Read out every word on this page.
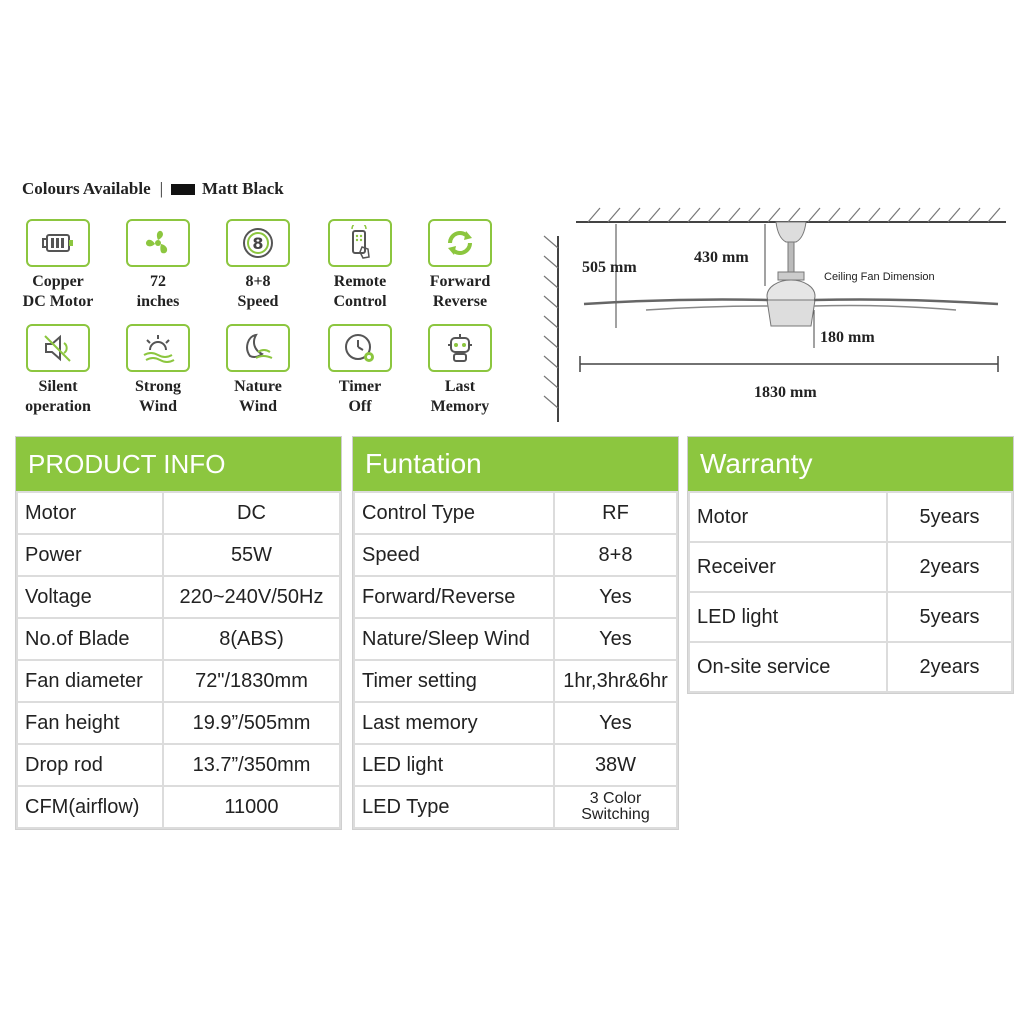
Colours Available | Matt Black
Copper
DC Motor
72
inches
8
8+8
Speed
Remote
Control
Forward
Reverse
Silent
operation
Strong
Wind
Nature
Wind
Timer
Off
Last
Memory
505 mm
430 mm
Ceiling Fan Dimension
180 mm
1830 mm
PRODUCT INFO
Motor	DC
Power	55W
Voltage	220~240V/50Hz
No.of Blade	8(ABS)
Fan diameter	72"/1830mm
Fan height	19.9”/505mm
Drop rod	13.7”/350mm
CFM(airflow)	11000
Funtation
Control Type	RF
Speed	8+8
Forward/Reverse	Yes
Nature/Sleep Wind	Yes
Timer setting	1hr,3hr&6hr
Last memory	Yes
LED light	38W
LED Type	3 Color
Switching
Warranty
Motor	5years
Receiver	2years
LED light	5years
On-site service	2years
